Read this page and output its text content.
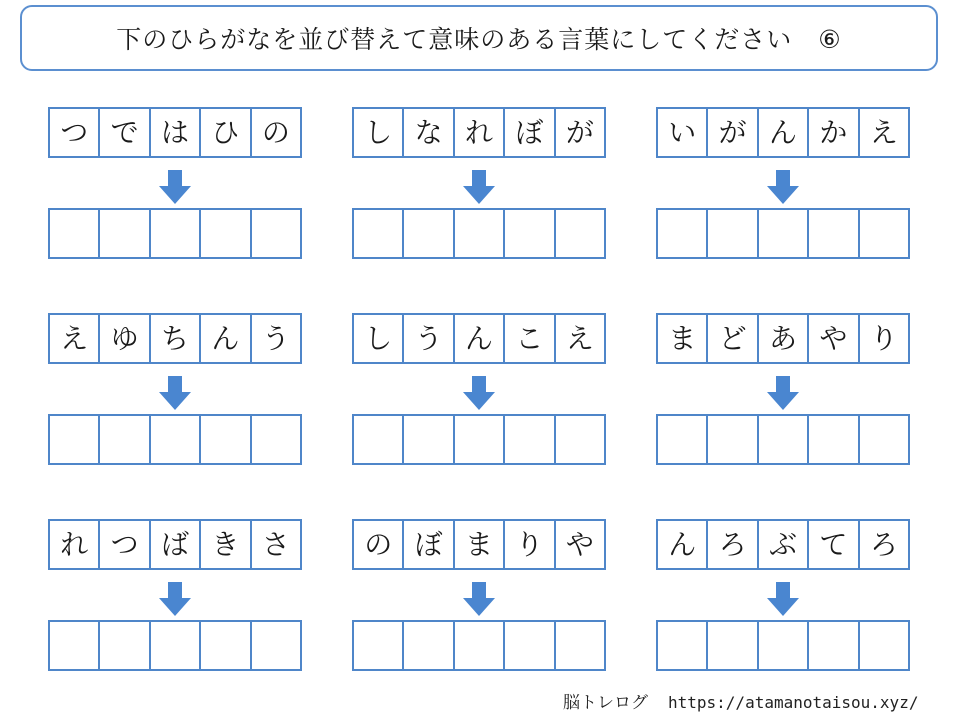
下のひらがなを並び替えて意味のある言葉にしてください　⑥
つ で は ひ の	し な れ ぼ が	い が ん か え
え ゆ ち ん う	し う ん こ え	ま ど あ や り
れ つ ば き さ	の ぼ ま り や	ん ろ ぶ て ろ
脳トレログ https://atamanotaisou.xyz/
